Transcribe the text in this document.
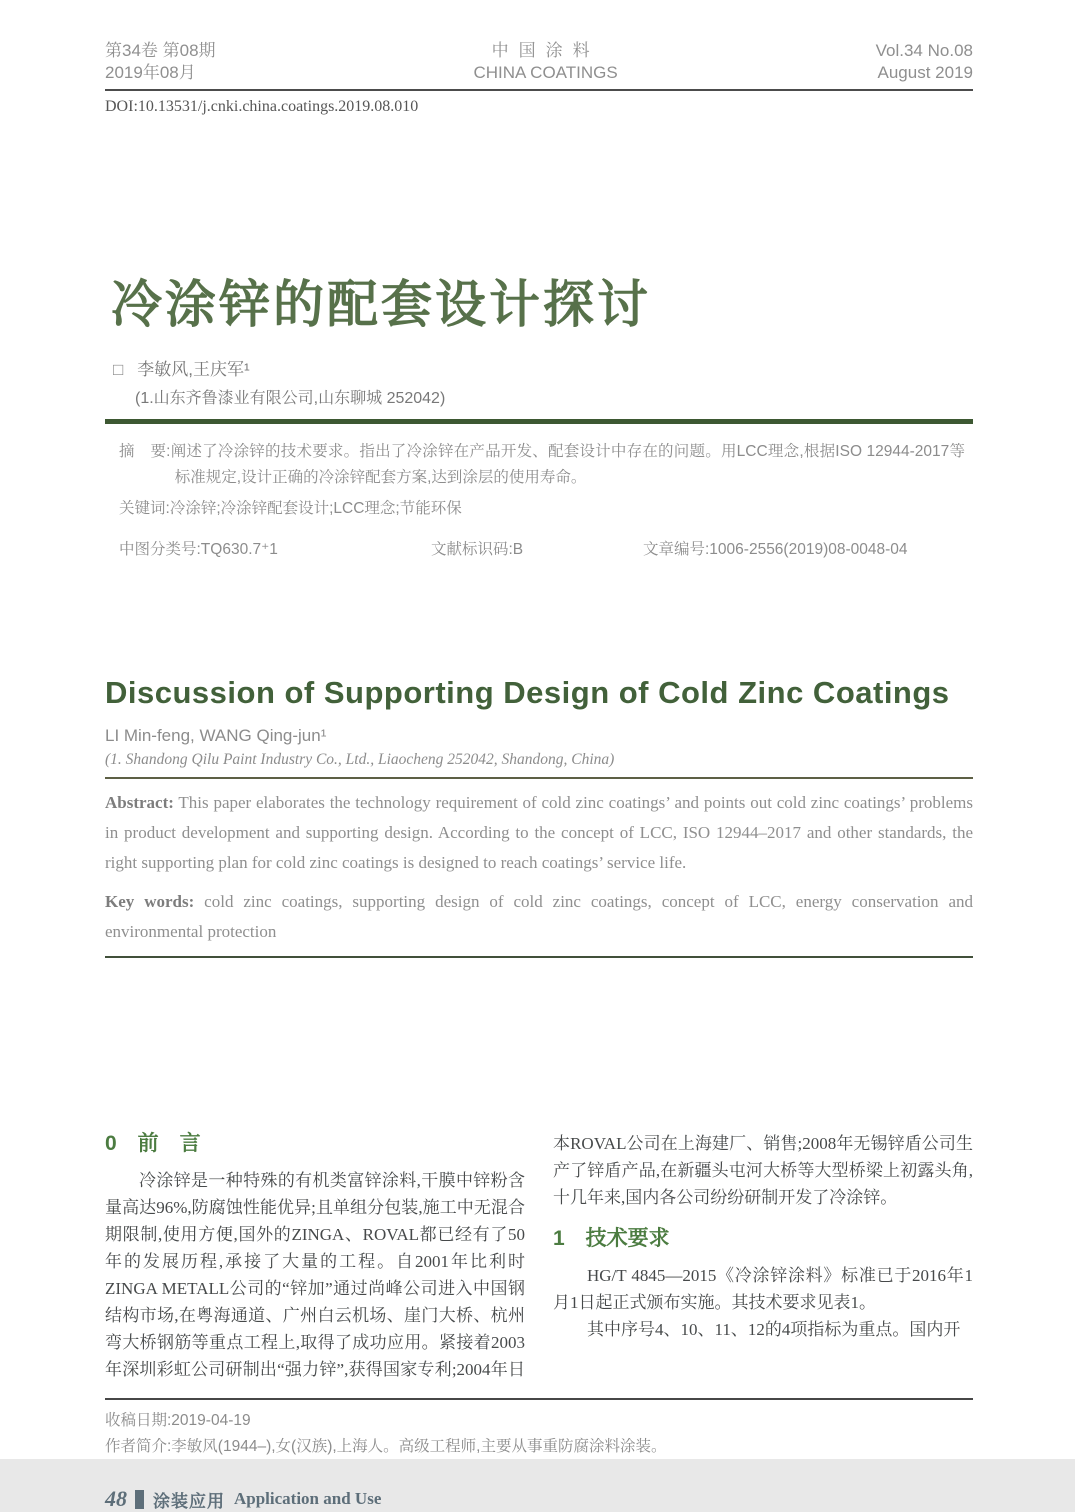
第34卷 第08期
2019年08月
中国涂料
CHINA COATINGS
Vol.34 No.08
August 2019
DOI:10.13531/j.cnki.china.coatings.2019.08.010
冷涂锌的配套设计探讨
□ 李敏风,王庆军¹
(1.山东齐鲁漆业有限公司,山东聊城 252042)
摘　要:阐述了冷涂锌的技术要求。指出了冷涂锌在产品开发、配套设计中存在的问题。用LCC理念,根据ISO 12944-2017等标准规定,设计正确的冷涂锌配套方案,达到涂层的使用寿命。
关键词:冷涂锌;冷涂锌配套设计;LCC理念;节能环保
中图分类号:TQ630.7⁺1	文献标识码:B	文章编号:1006-2556(2019)08-0048-04
Discussion of Supporting Design of Cold Zinc Coatings
LI Min-feng, WANG Qing-jun¹
(1. Shandong Qilu Paint Industry Co., Ltd., Liaocheng 252042, Shandong, China)
Abstract: This paper elaborates the technology requirement of cold zinc coatings’ and points out cold zinc coatings’ problems in product development and supporting design. According to the concept of LCC, ISO 12944–2017 and other standards, the right supporting plan for cold zinc coatings is designed to reach coatings’ service life.
Key words: cold zinc coatings, supporting design of cold zinc coatings, concept of LCC, energy conservation and environmental protection
0　前　言

冷涂锌是一种特殊的有机类富锌涂料,干膜中锌粉含量高达96%,防腐蚀性能优异;且单组分包装,施工中无混合期限制,使用方便,国外的ZINGA、ROVAL都已经有了50年的发展历程,承接了大量的工程。自2001年比利时ZINGA METALL公司的“锌加”通过尚峰公司进入中国钢结构市场,在粤海通道、广州白云机场、崖门大桥、杭州弯大桥钢筋等重点工程上,取得了成功应用。紧接着2003年深圳彩虹公司研制出“强力锌”,获得国家专利;2004年日本ROVAL公司在上海建厂、销售;2008年无锡锌盾公司生产了锌盾产品,在新疆头屯河大桥等大型桥梁上初露头角,十几年来,国内各公司纷纷研制开发了冷涂锌。

1　技术要求

HG/T 4845—2015《冷涂锌涂料》标准已于2016年1月1日起正式颁布实施。其技术要求见表1。

其中序号4、10、11、12的4项指标为重点。国内开

收稿日期:2019-04-19
作者简介:李敏风(1944–),女(汉族),上海人。高级工程师,主要从事重防腐涂料涂装。
48 涂装应用 Application and Use
